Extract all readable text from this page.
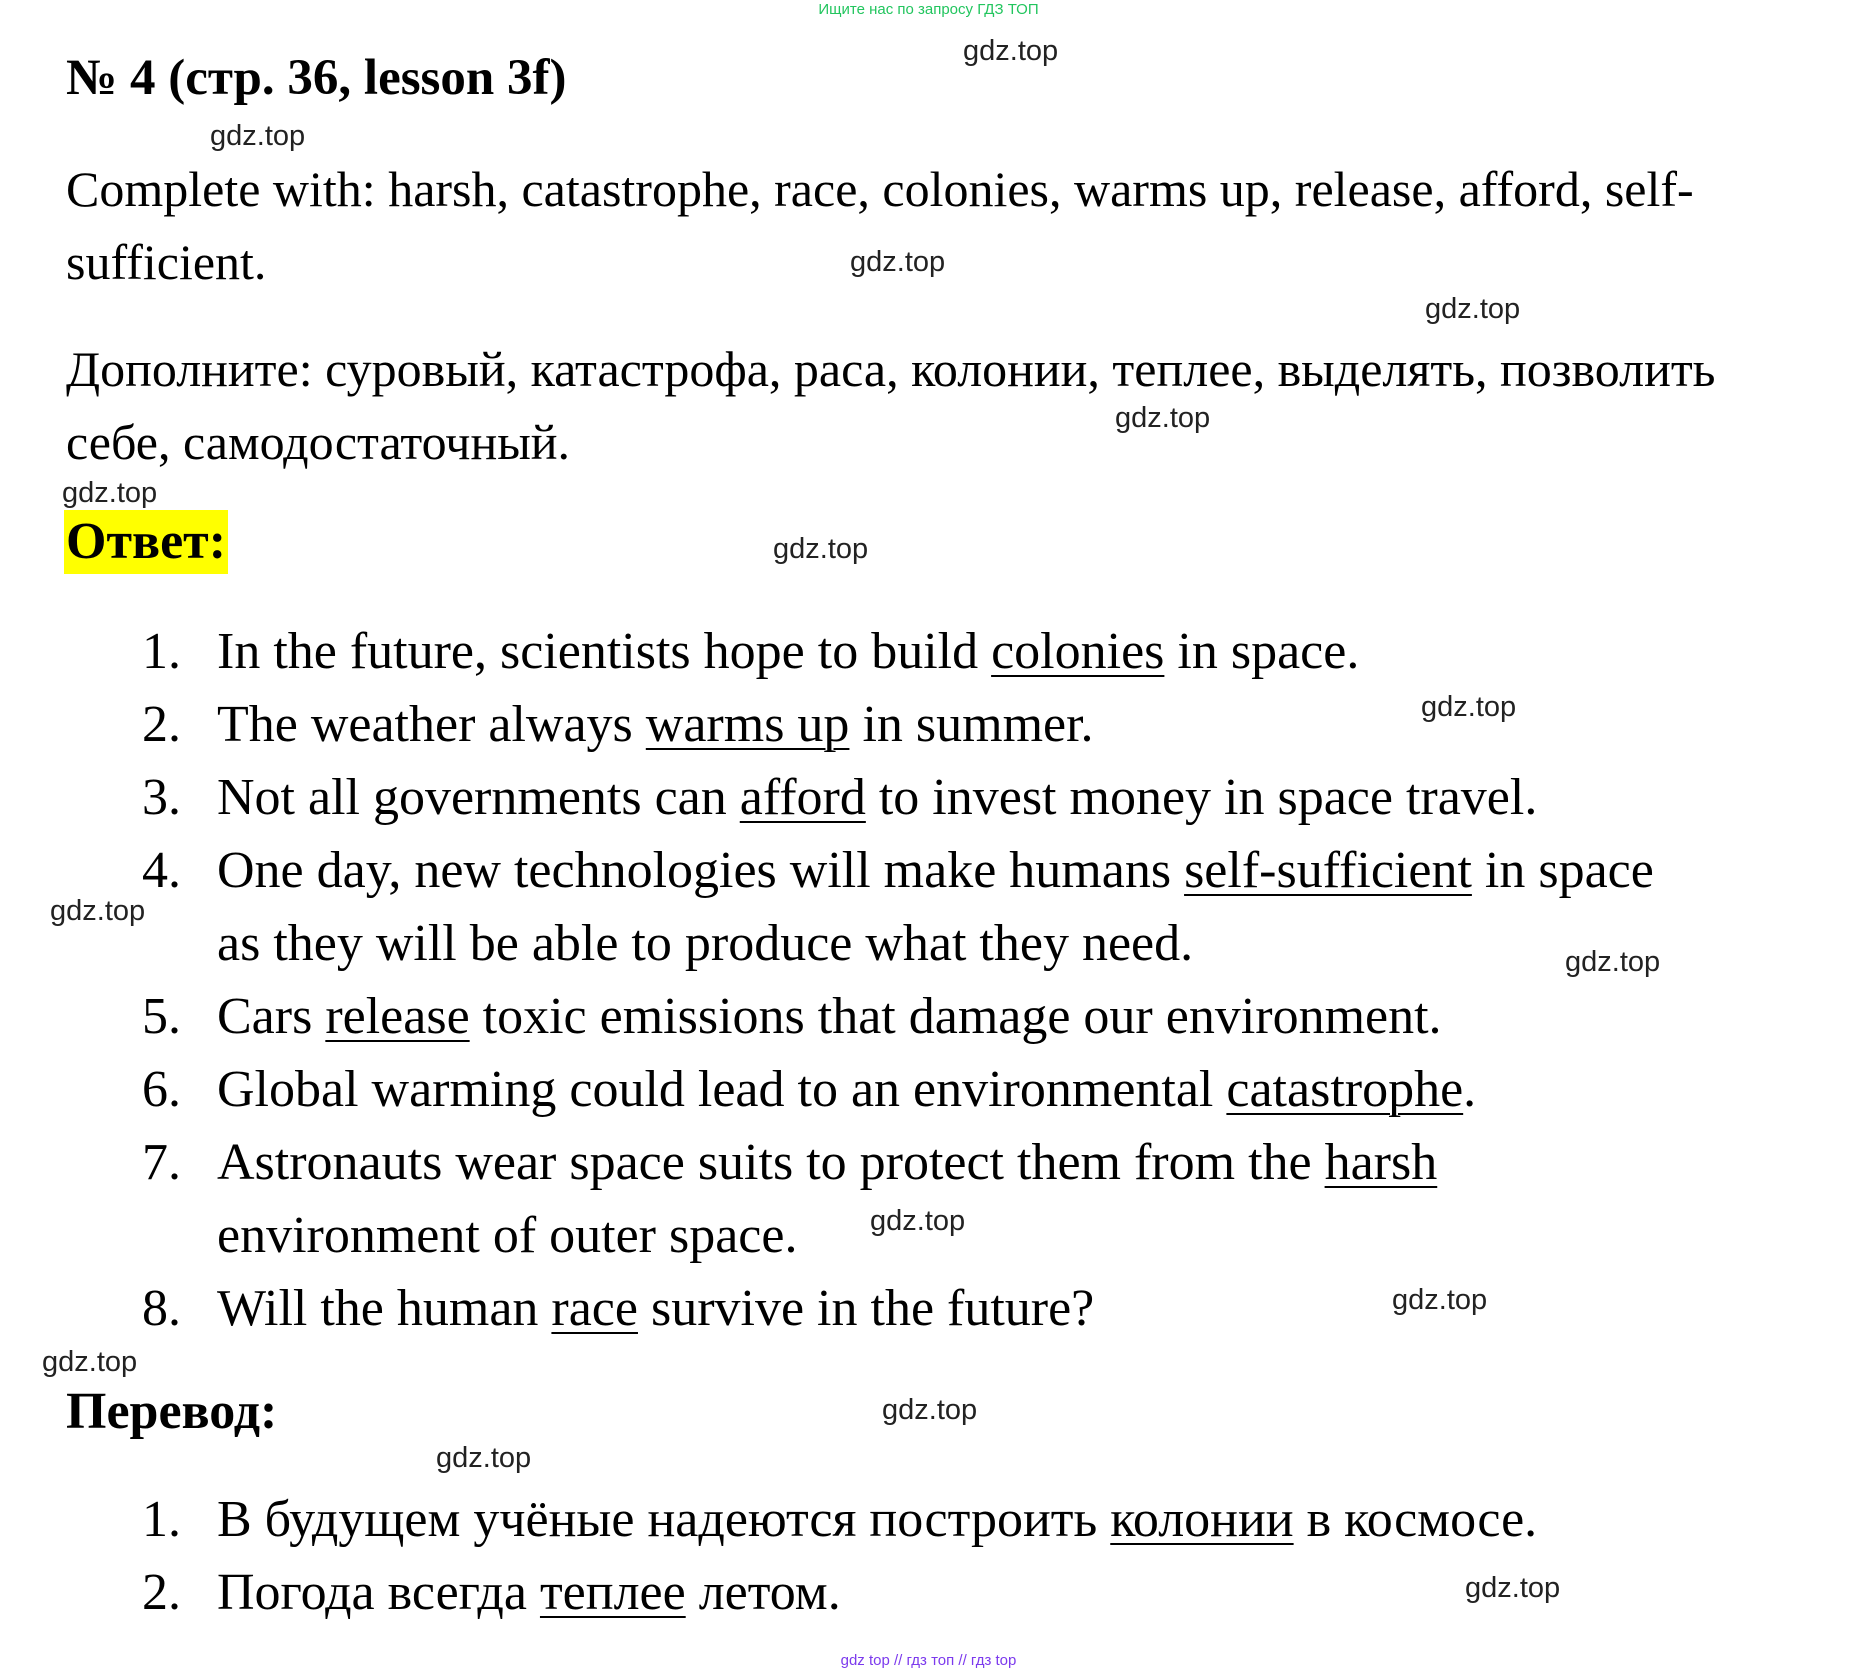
Ищите нас по запросу ГДЗ ТОП
№ 4 (стр. 36, lesson 3f)
Complete with: harsh, catastrophe, race, colonies, warms up, release, afford, self-sufficient.
Дополните: суровый, катастрофа, раса, колонии, теплее, выделять, позволить себе, самодостаточный.
Ответ:
1. In the future, scientists hope to build colonies in space.
2. The weather always warms up in summer.
3. Not all governments can afford to invest money in space travel.
4. One day, new technologies will make humans self-sufficient in space
as they will be able to produce what they need.
5. Cars release toxic emissions that damage our environment.
6. Global warming could lead to an environmental catastrophe.
7. Astronauts wear space suits to protect them from the harsh
environment of outer space.
8. Will the human race survive in the future?
Перевод:
1. В будущем учёные надеются построить колонии в космосе.
2. Погода всегда теплее летом.
gdz.top
gdz.top
gdz.top
gdz.top
gdz.top
gdz.top
gdz.top
gdz.top
gdz.top
gdz.top
gdz.top
gdz.top
gdz.top
gdz.top
gdz.top
gdz.top
gdz top // гдз топ // гдз top
